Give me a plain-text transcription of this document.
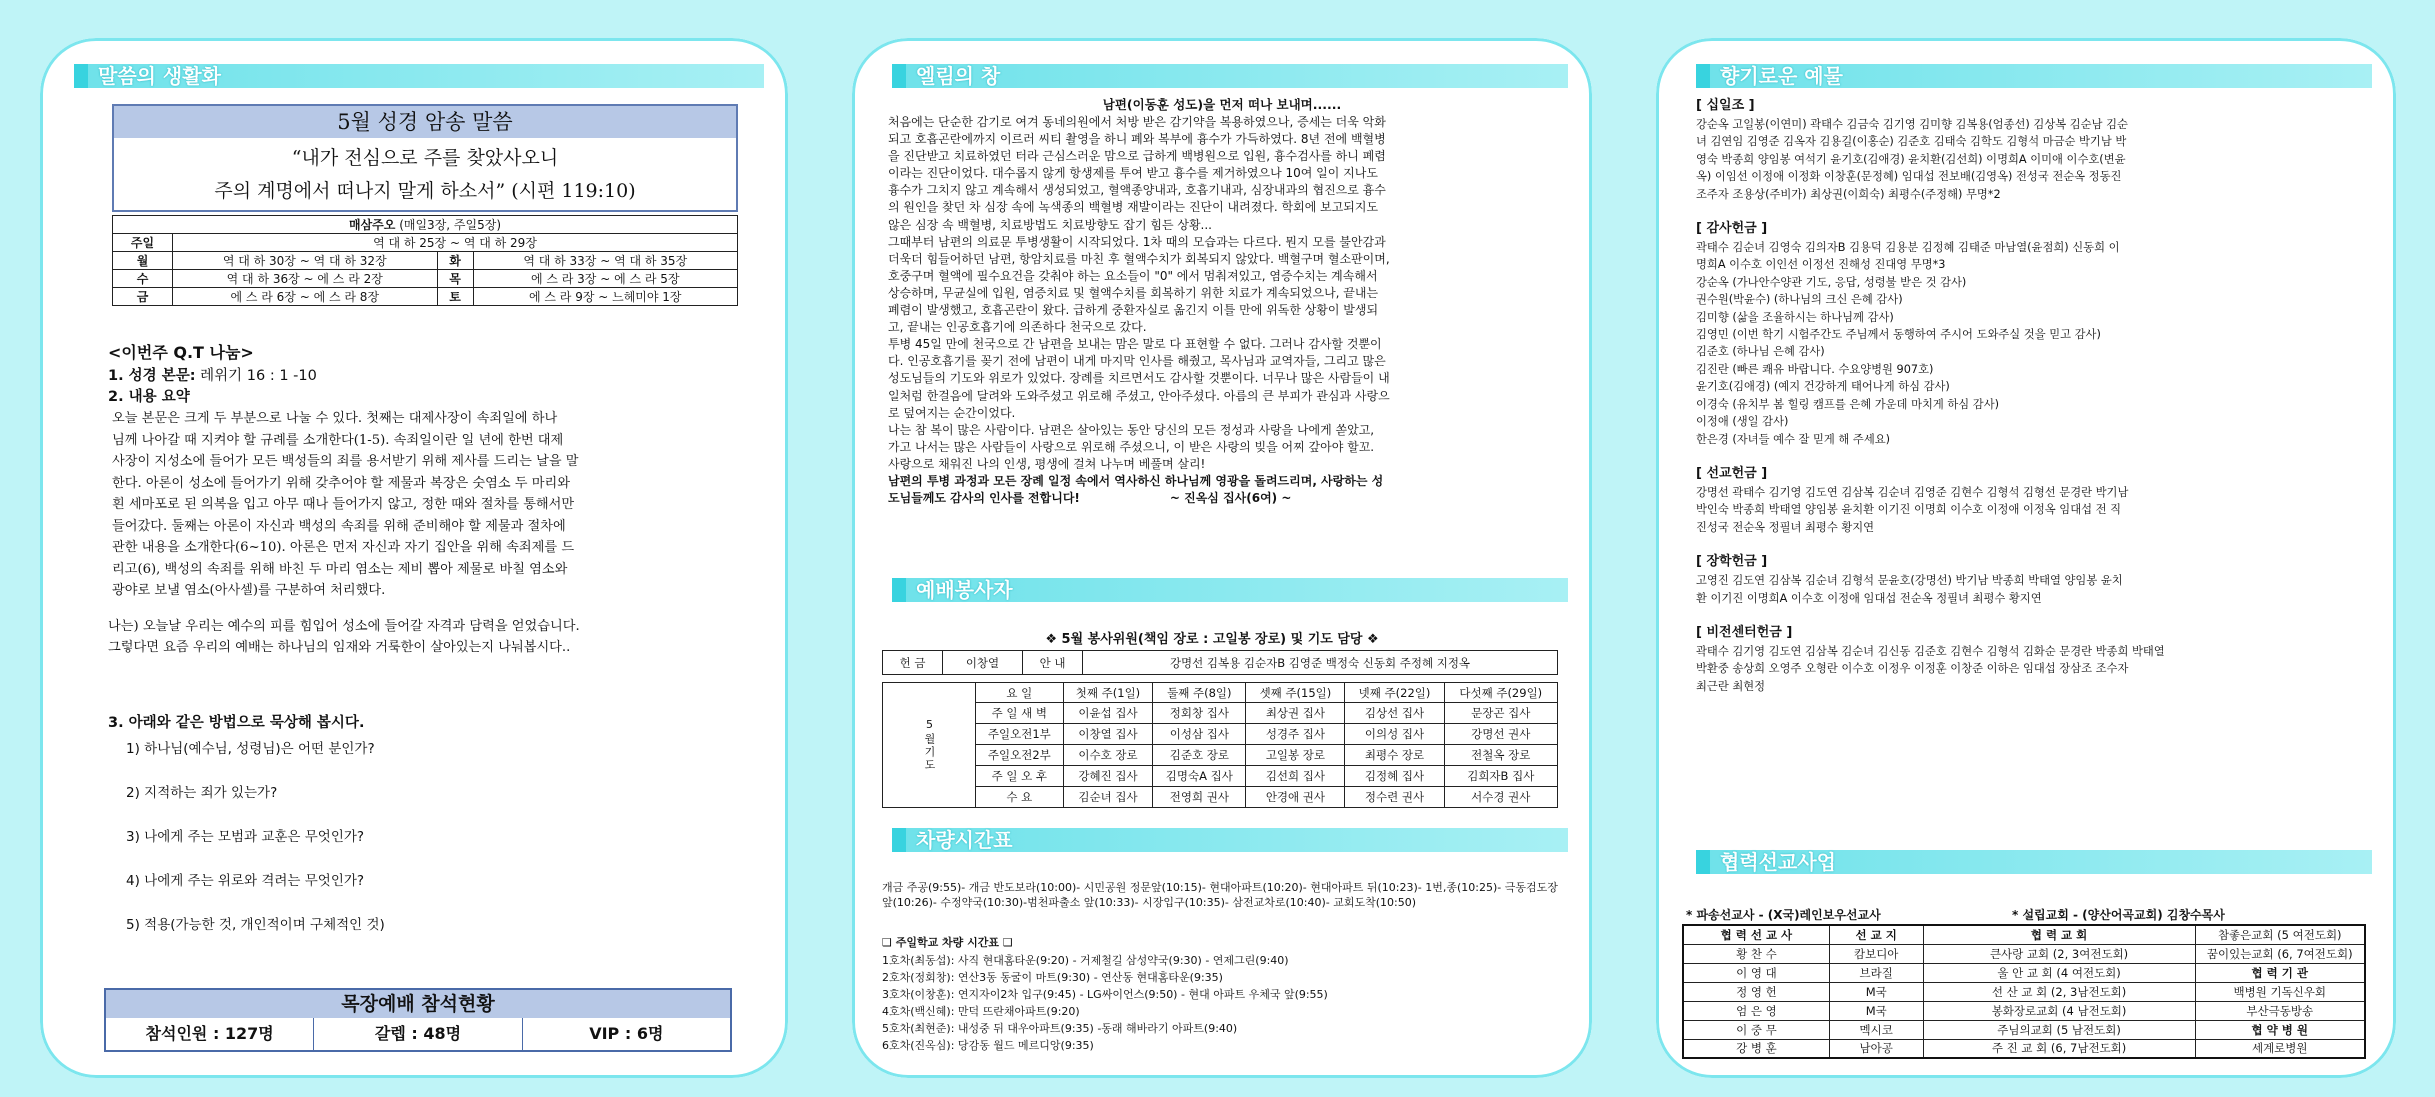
말씀의 생활화
5월 성경 암송 말씀
“내가 전심으로 주를 찾았사오니
주의 계명에서 떠나지 말게 하소서” (시편 119:10)
매삼주오 (매일3장, 주일5장)			
주일	역 대 하 25장 ~ 역 대 하 29장		
월	역 대 하 30장 ~ 역 대 하 32장	화	역 대 하 33장 ~ 역 대 하 35장
수	역 대 하 36장 ~ 에 스 라 2장	목	에 스 라 3장 ~ 에 스 라 5장
금	에 스 라 6장 ~ 에 스 라 8장	토	에 스 라 9장 ~ 느헤미야 1장
<이번주 Q.T 나눔>
1. 성경 본문: 레위기 16 : 1 -10
2. 내용 요약
오늘 본문은 크게 두 부분으로 나눌 수 있다. 첫째는 대제사장이 속죄일에 하나
님께 나아갈 때 지켜야 할 규례를 소개한다(1-5). 속죄일이란 일 년에 한번 대제
사장이 지성소에 들어가 모든 백성들의 죄를 용서받기 위해 제사를 드리는 날을 말
한다. 아론이 성소에 들어가기 위해 갖추어야 할 제물과 복장은 숫염소 두 마리와
흰 세마포로 된 의복을 입고 아무 때나 들어가지 않고, 정한 때와 절차를 통해서만
들어갔다. 둘째는 아론이 자신과 백성의 속죄를 위해 준비해야 할 제물과 절차에
관한 내용을 소개한다(6~10). 아론은 먼저 자신과 자기 집안을 위해 속죄제를 드
리고(6), 백성의 속죄를 위해 바친 두 마리 염소는 제비 뽑아 제물로 바칠 염소와
광야로 보낼 염소(아사셀)를 구분하여 처리했다.
나는) 오늘날 우리는 예수의 피를 힘입어 성소에 들어갈 자격과 담력을 얻었습니다.
그렇다면 요즘 우리의 예배는 하나님의 임재와 거룩한이 살아있는지 나눠봅시다..
3. 아래와 같은 방법으로 묵상해 봅시다.
1) 하나님(예수님, 성령님)은 어떤 분인가?
2) 지적하는 죄가 있는가?
3) 나에게 주는 모범과 교훈은 무엇인가?
4) 나에게 주는 위로와 격려는 무엇인가?
5) 적용(가능한 것, 개인적이며 구체적인 것)
목장예배 참석현황
참석인원 : 127명	갈렙 : 48명	VIP : 6명
엘림의 창
남편(이동훈 성도)을 먼저 떠나 보내며......
처음에는 단순한 감기로 여겨 동네의원에서 처방 받은 감기약을 복용하였으나, 증세는 더욱 악화
되고 호흡곤란에까지 이르러 씨티 촬영을 하니 폐와 복부에 흉수가 가득하였다. 8년 전에 백혈병
을 진단받고 치료하였던 터라 근심스러운 맘으로 급하게 백병원으로 입원, 흉수검사를 하니 폐렴
이라는 진단이었다. 대수롭지 않게 항생제를 투여 받고 흉수를 제거하였으나 10여 일이 지나도
흉수가 그치지 않고 계속해서 생성되었고, 혈액종양내과, 호흡기내과, 심장내과의 협진으로 흉수
의 원인을 찾던 차 심장 속에 녹색종의 백혈병 재발이라는 진단이 내려졌다. 학회에 보고되지도
않은 심장 속 백혈병, 치료방법도 치료방향도 잡기 힘든 상황...
그때부터 남편의 의료문 투병생활이 시작되었다. 1차 때의 모습과는 다르다. 뭔지 모를 불안감과
더욱더 힘들어하던 남편, 항암치료를 마친 후 혈액수치가 회복되지 않았다. 백혈구며 혈소판이며,
호중구며 혈액에 필수요건을 갖춰야 하는 요소들이 "0" 에서 멈춰져있고, 염증수치는 계속해서
상승하며, 무균실에 입원, 염증치료 및 혈액수치를 회복하기 위한 치료가 계속되었으나, 끝내는
폐렴이 발생했고, 호흡곤란이 왔다. 급하게 중환자실로 옮긴지 이틀 만에 위독한 상황이 발생되
고, 끝내는 인공호흡기에 의존하다 천국으로 갔다.
투병 45일 만에 천국으로 간 남편을 보내는 맘은 말로 다 표현할 수 없다. 그러나 감사할 것뿐이
다. 인공호흡기를 꽂기 전에 남편이 내게 마지막 인사를 해줬고, 목사님과 교역자들, 그리고 많은
성도님들의 기도와 위로가 있었다. 장례를 치르면서도 감사할 것뿐이다. 너무나 많은 사람들이 내
일처럼 한걸음에 달려와 도와주셨고 위로해 주셨고, 안아주셨다. 아름의 큰 부피가 관심과 사랑으
로 덮여지는 순간이었다.
나는 참 복이 많은 사람이다. 남편은 살아있는 동안 당신의 모든 정성과 사랑을 나에게 쏟았고,
가고 나서는 많은 사람들이 사랑으로 위로해 주셨으니, 이 받은 사랑의 빚을 어찌 갚아야 할꼬.
사랑으로 채워진 나의 인생, 평생에 걸쳐 나누며 베풀며 살리!
남편의 투병 과정과 모든 장례 일정 속에서 역사하신 하나님께 영광을 돌려드리며, 사랑하는 성
도님들께도 감사의 인사를 전합니다!	~ 진옥심 집사(6여) ~
예배봉사자
❖ 5월 봉사위원(책임 장로 : 고일봉 장로) 및 기도 담당 ❖
헌 금	이창열	안 내	강명선 김복용 김순자B 김영준 백정숙 신동회 주정혜 지정옥
5월기도	요 일	첫째 주(1일)	둘째 주(8일)	셋째 주(15일)	넷째 주(22일)	다섯째 주(29일)
	주 일 새 벽	이윤섭 집사	정회창 집사	최상권 집사	김상선 집사	문장곤 집사
	주일오전1부	이창열 집사	이성삼 집사	성경주 집사	이의성 집사	강명선 권사
	주일오전2부	이수호 장로	김준호 장로	고일봉 장로	최평수 장로	전철옥 장로
	주 일 오 후	강혜진 집사	김명숙A 집사	김선희 집사	김정혜 집사	김희자B 집사
	수 요	김순녀 집사	전영희 권사	안경애 권사	정수련 권사	서수경 권사
차량시간표
개금 주공(9:55)- 개금 반도보라(10:00)- 시민공원 정문앞(10:15)- 현대아파트(10:20)- 현대아파트 뒤(10:23)- 1번,종(10:25)- 극동검도장 앞(10:26)- 수정약국(10:30)-범천파출소 앞(10:33)- 시장입구(10:35)- 삼전교차로(10:40)- 교회도착(10:50)
❑ 주일학교 차량 시간표 ❑
1호차(최동섭): 사직 현대홈타운(9:20) - 거제철길 삼성약국(9:30) - 연제그린(9:40)
2호차(정회창): 연산3동 동굴이 마트(9:30) - 연산동 현대홈타운(9:35)
3호차(이창훈): 연지자이2차 입구(9:45) - LG싸이언스(9:50) - 현대 아파트 우체국 앞(9:55)
4호차(백신혜): 만덕 뜨란채아파트(9:20)
5호차(최현준): 내성중 뒤 대우아파트(9:35) -동래 해바라기 아파트(9:40)
6호차(진옥심): 당감동 월드 메르디앙(9:35)
향기로운 예물
[ 십일조 ]
강순옥 고일봉(이연미) 곽태수 김금숙 김기영 김미향 김복용(엄종선) 김상복 김순남 김순
녀 김연임 김영준 김옥자 김용길(이홍순) 김준호 김태숙 김학도 김형석 마금순 박기남 박
영숙 박종희 양임봉 여석기 윤기호(김애경) 윤치환(김선희) 이명희A 이미애 이수호(변윤
옥) 이임선 이정애 이정화 이창훈(문정혜) 임대섭 전보배(김영옥) 전성국 전순옥 정동진
조주자 조용상(주비가) 최상권(이희숙) 최평수(주정해) 무명*2
[ 감사헌금 ]
곽태수 김순녀 김영숙 김의자B 김용덕 김용분 김정혜 김태준 마남열(윤점희) 신동희 이
명희A 이수호 이인선 이정선 진해성 진대영 무명*3
강순옥 (가나안수양관 기도, 응답, 성령불 받은 것 감사)
권수원(박윤수) (하나님의 크신 은혜 감사)
김미향 (삶을 조율하시는 하나님께 감사)
김영민 (이번 학기 시험주간도 주님께서 동행하여 주시어 도와주실 것을 믿고 감사)
김준호 (하나님 은혜 감사)
김진란 (빠른 쾌유 바랍니다. 수요양병원 907호)
윤기호(김애경) (예지 건강하게 태어나게 하심 감사)
이경숙 (유치부 봄 힐링 캠프를 은혜 가운데 마치게 하심 감사)
이정애 (생일 감사)
한은경 (자녀들 예수 잘 믿게 해 주세요)
[ 선교헌금 ]
강명선 곽태수 김기영 김도연 김삼복 김순녀 김영준 김현수 김형석 김형선 문경란 박기남
박인숙 박종희 박태열 양임봉 윤치환 이기진 이명희 이수호 이정애 이정옥 임대섭 전 직
진성국 전순옥 정필녀 최평수 황지연
[ 장학헌금 ]
고영진 김도연 김삼복 김순녀 김형석 문윤호(강명선) 박기남 박종희 박태열 양임봉 윤치
환 이기진 이명희A 이수호 이정애 임대섭 전순옥 정필녀 최평수 황지연
[ 비전센터헌금 ]
곽태수 김기영 김도연 김삼복 김순녀 김신동 김준호 김현수 김형석 김화순 문경란 박종희 박태열
박환중 송상희 오영주 오형란 이수호 이정우 이정훈 이창준 이하은 임대섭 장삼조 조수자
최근란 최현정
협력선교사업
* 파송선교사 - (X국)레인보우선교사	* 설립교회 - (양산어곡교회) 김창수목사
협 력 선 교 사	선 교 지	협 력 교 회	참좋은교회 (5 여전도회)
황 찬 수	캄보디아	큰사랑 교회 (2, 3여전도회)	꿈이있는교회 (6, 7여전도회)
이 영 대	브라질	울 안 교 회 (4 여전도회)	협 력 기 관
정 영 헌	M국	선 산 교 회 (2, 3남전도회)	백병원 기독신우회
엄 은 영	M국	봉화장로교회 (4 남전도회)	부산극동방송
이 중 무	멕시코	주님의교회 (5 남전도회)	협 약 병 원
강 병 훈	남아공	주 진 교 회 (6, 7남전도회)	세계로병원
